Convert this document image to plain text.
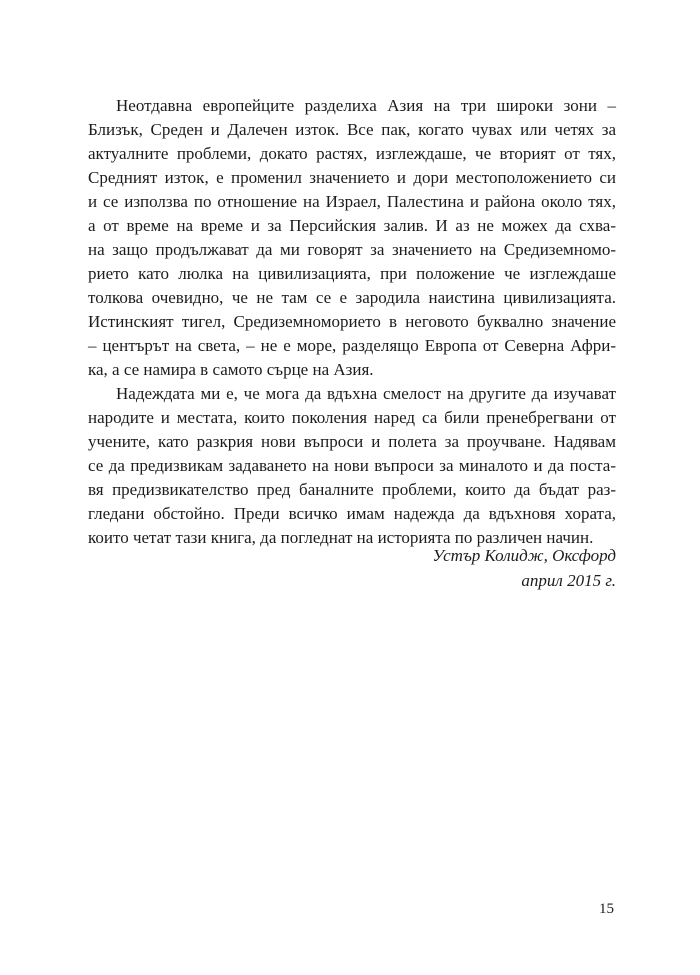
Неотдавна европейците разделиха Азия на три широки зони –
Близък, Среден и Далечен изток. Все пак, когато чувах или четях за
актуалните проблеми, докато растях, изглеждаше, че вторият от тях,
Средният изток, е променил значението и дори местоположението си
и се използва по отношение на Израел, Палестина и района около тях,
а от време на време и за Персийския залив. И аз не можех да схва-
на защо продължават да ми говорят за значението на Средиземномо-
рието като люлка на цивилизацията, при положение че изглеждаше
толкова очевидно, че не там се е зародила наистина цивилизацията.
Истинският тигел, Средиземноморието в неговото буквално значение
– центърът на света, – не е море, разделящо Европа от Северна Афри-
ка, а се намира в самото сърце на Азия.
Надеждата ми е, че мога да вдъхна смелост на другите да изучават
народите и местата, които поколения наред са били пренебрегвани от
учените, като разкрия нови въпроси и полета за проучване. Надявам
се да предизвикам задаването на нови въпроси за миналото и да поста-
вя предизвикателство пред баналните проблеми, които да бъдат раз-
гледани обстойно. Преди всичко имам надежда да вдъхновя хората,
които четат тази книга, да погледнат на историята по различен начин.
Устър Колидж, Оксфорд
април 2015 г.
15
